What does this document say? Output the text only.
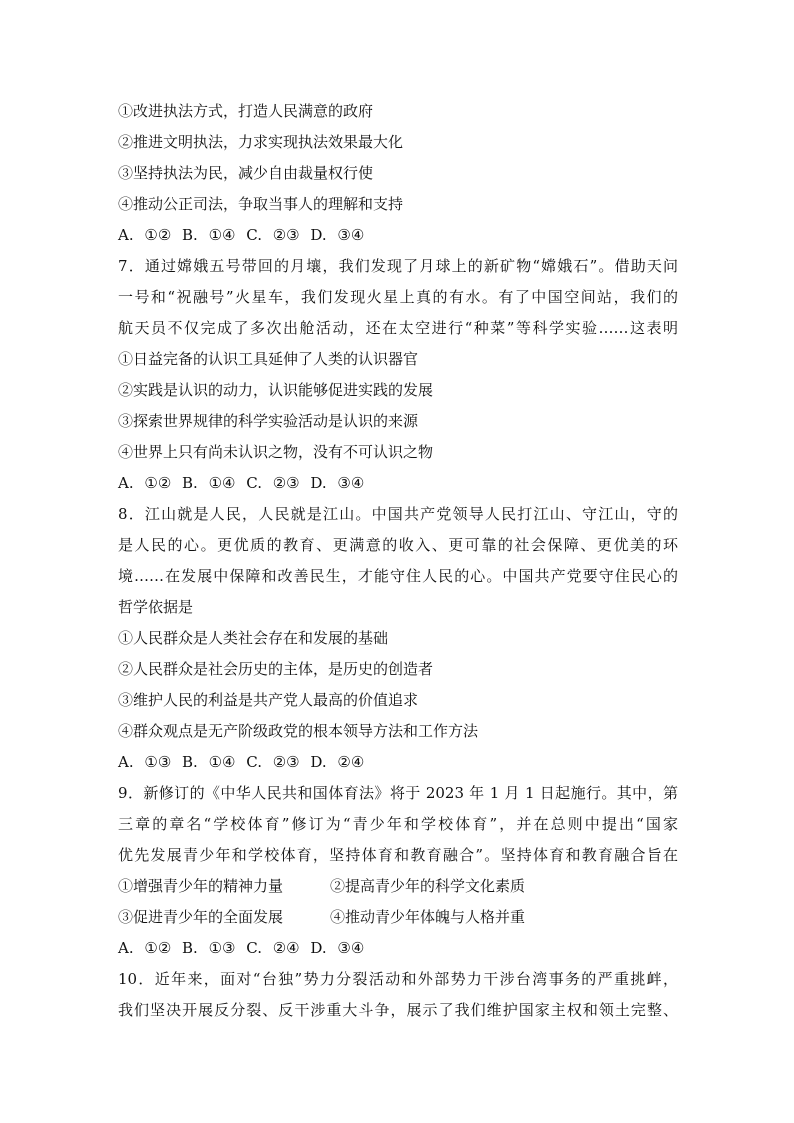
①改进执法方式，打造人民满意的政府
②推进文明执法，力求实现执法效果最大化
③坚持执法为民，减少自由裁量权行使
④推动公正司法，争取当事人的理解和支持
A. ①② B. ①④ C. ②③ D. ③④
7．通过嫦娥五号带回的月壤，我们发现了月球上的新矿物“嫦娥石”。借助天问
一号和“祝融号”火星车，我们发现火星上真的有水。有了中国空间站，我们的
航天员不仅完成了多次出舱活动，还在太空进行“种菜”等科学实验……这表明
①日益完备的认识工具延伸了人类的认识器官
②实践是认识的动力，认识能够促进实践的发展
③探索世界规律的科学实验活动是认识的来源
④世界上只有尚未认识之物，没有不可认识之物
A. ①② B. ①④ C. ②③ D. ③④
8．江山就是人民，人民就是江山。中国共产党领导人民打江山、守江山，守的
是人民的心。更优质的教育、更满意的收入、更可靠的社会保障、更优美的环
境……在发展中保障和改善民生，才能守住人民的心。中国共产党要守住民心的
哲学依据是
①人民群众是人类社会存在和发展的基础
②人民群众是社会历史的主体，是历史的创造者
③维护人民的利益是共产党人最高的价值追求
④群众观点是无产阶级政党的根本领导方法和工作方法
A. ①③ B. ①④ C. ②③ D. ②④
9．新修订的《中华人民共和国体育法》将于 2023 年 1 月 1 日起施行。其中，第
三章的章名“学校体育”修订为“青少年和学校体育”，并在总则中提出“国家
优先发展青少年和学校体育，坚持体育和教育融合”。坚持体育和教育融合旨在
①增强青少年的精神力量	②提高青少年的科学文化素质
③促进青少年的全面发展	④推动青少年体魄与人格并重
A. ①② B. ①③ C. ②④ D. ③④
10．近年来，面对“台独”势力分裂活动和外部势力干涉台湾事务的严重挑衅，
我们坚决开展反分裂、反干涉重大斗争，展示了我们维护国家主权和领土完整、
